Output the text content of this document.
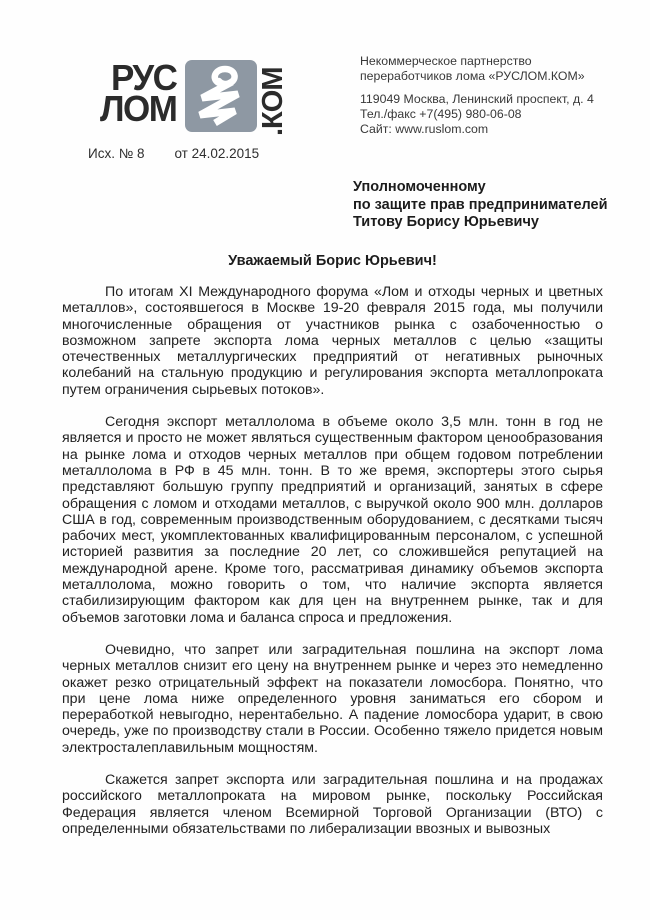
РУС
ЛОМ	.КОМ
Исх. № 8 от 24.02.2015
Некоммерческое партнерство
переработчиков лома «РУСЛОМ.КОМ»
119049 Москва, Ленинский проспект, д. 4
Тел./факс +7(495) 980-06-08
Сайт: www.ruslom.com
Уполномоченному
по защите прав предпринимателей
Титову Борису Юрьевичу
Уважаемый Борис Юрьевич!

По итогам XI Международного форума «Лом и отходы черных и цветных металлов», состоявшегося в Москве 19-20 февраля 2015 года, мы получили многочисленные обращения от участников рынка с озабоченностью о возможном запрете экспорта лома черных металлов с целью «защиты отечественных металлургических предприятий от негативных рыночных колебаний на стальную продукцию и регулирования экспорта металлопроката путем ограничения сырьевых потоков».

Сегодня экспорт металлолома в объеме около 3,5 млн. тонн в год не является и просто не может являться существенным фактором ценообразования на рынке лома и отходов черных металлов при общем годовом потреблении металлолома в РФ в 45 млн. тонн. В то же время, экспортеры этого сырья представляют большую группу предприятий и организаций, занятых в сфере обращения с ломом и отходами металлов, с выручкой около 900 млн. долларов США в год, современным производственным оборудованием, с десятками тысяч рабочих мест, укомплектованных квалифицированным персоналом, с успешной историей развития за последние 20 лет, со сложившейся репутацией на международной арене. Кроме того, рассматривая динамику объемов экспорта металлолома, можно говорить о том, что наличие экспорта является стабилизирующим фактором как для цен на внутреннем рынке, так и для объемов заготовки лома и баланса спроса и предложения.

Очевидно, что запрет или заградительная пошлина на экспорт лома черных металлов снизит его цену на внутреннем рынке и через это немедленно окажет резко отрицательный эффект на показатели ломосбора. Понятно, что при цене лома ниже определенного уровня заниматься его сбором и переработкой невыгодно, нерентабельно. А падение ломосбора ударит, в свою очередь, уже по производству стали в России. Особенно тяжело придется новым электросталеплавильным мощностям.

Скажется запрет экспорта или заградительная пошлина и на продажах российского металлопроката на мировом рынке, поскольку Российская Федерация является членом Всемирной Торговой Организации (ВТО) с определенными обязательствами по либерализации ввозных и вывозных
